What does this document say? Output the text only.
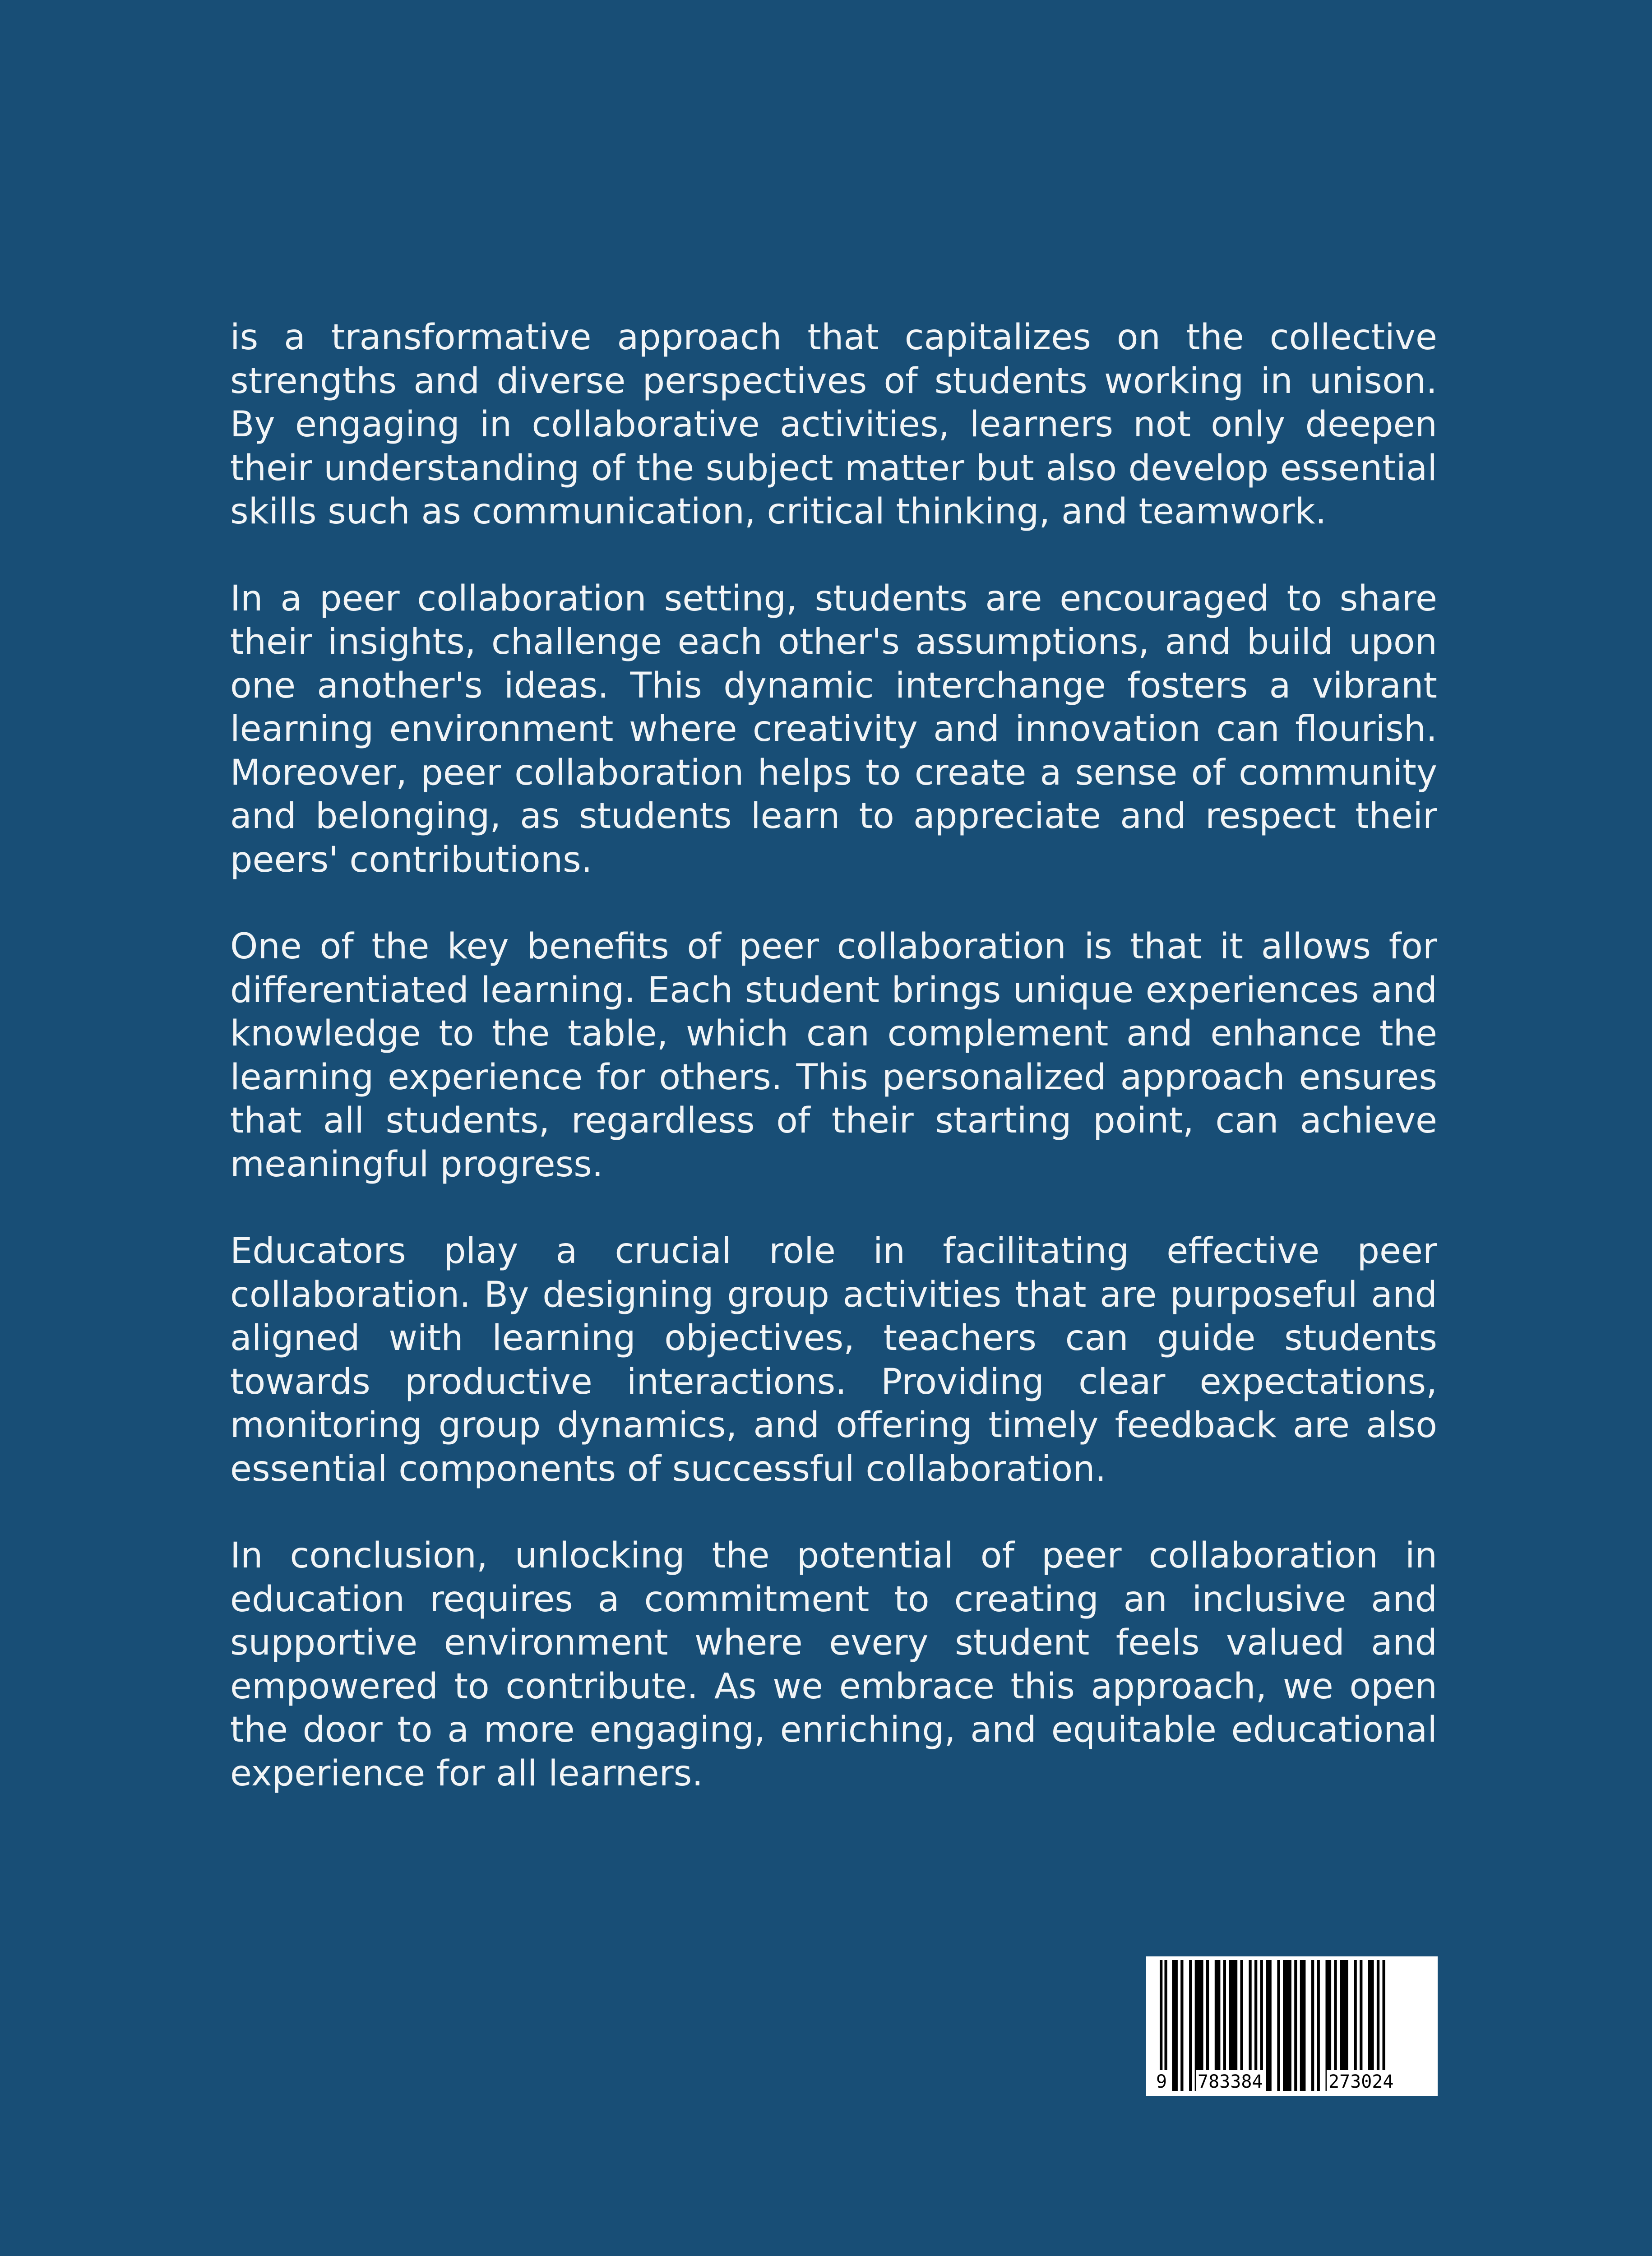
is a transformative approach that capitalizes on the collective strengths and diverse perspectives of students working in unison. By engaging in collaborative activities, learners not only deepen their understanding of the subject matter but also develop essential skills such as communication, critical thinking, and teamwork.

In a peer collaboration setting, students are encouraged to share their insights, challenge each other's assumptions, and build upon one another's ideas. This dynamic interchange fosters a vibrant learning environment where creativity and innovation can flourish. Moreover, peer collaboration helps to create a sense of community and belonging, as students learn to appreciate and respect their peers' contributions.

One of the key benefits of peer collaboration is that it allows for differentiated learning. Each student brings unique experiences and knowledge to the table, which can complement and enhance the learning experience for others. This personalized approach ensures that all students, regardless of their starting point, can achieve meaningful progress.

Educators play a crucial role in facilitating effective peer collaboration. By designing group activities that are purposeful and aligned with learning objectives, teachers can guide students towards productive interactions. Providing clear expectations, monitoring group dynamics, and offering timely feedback are also essential components of successful collaboration.

In conclusion, unlocking the potential of peer collaboration in education requires a commitment to creating an inclusive and supportive environment where every student feels valued and empowered to contribute. As we embrace this approach, we open the door to a more engaging, enriching, and equitable educational experience for all learners.

9 783384	273024
